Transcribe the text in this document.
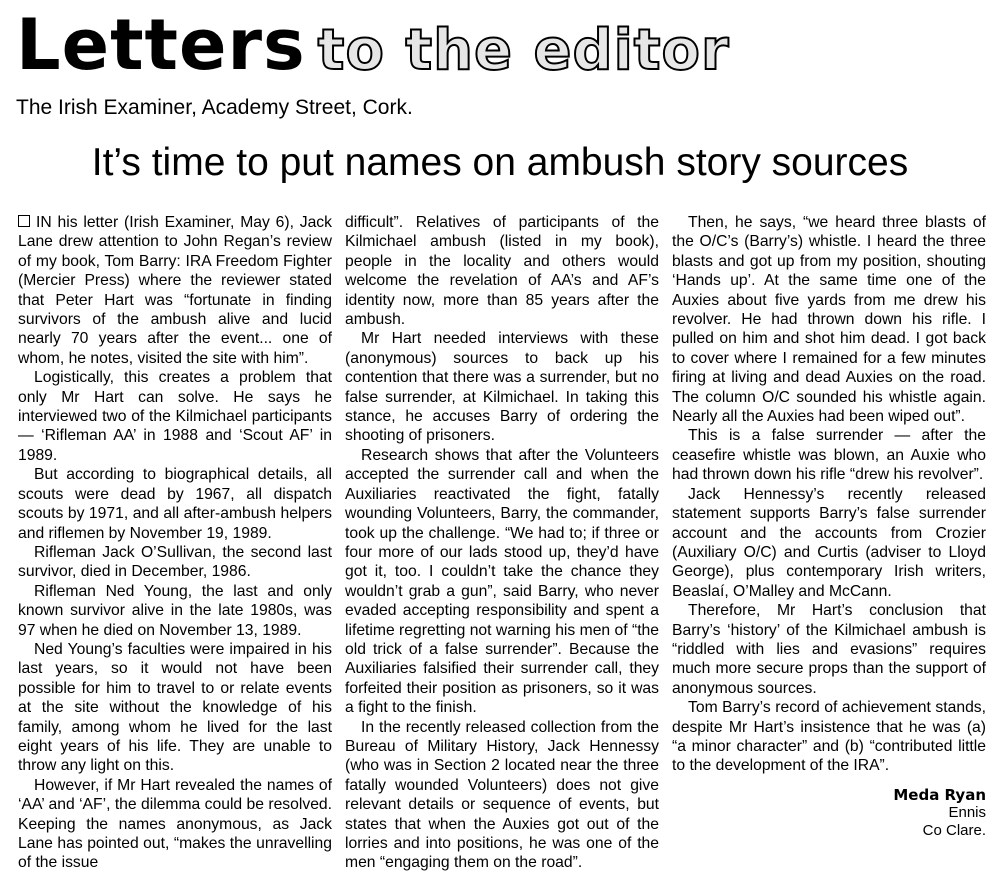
Letters to the editor
The Irish Examiner, Academy Street, Cork.
It’s time to put names on ambush story sources

IN his letter (Irish Examiner, May 6), Jack Lane drew attention to John Regan’s review of my book, Tom Barry: IRA Freedom Fighter (Mercier Press) where the reviewer stated that Peter Hart was “fortunate in finding survivors of the ambush alive and lucid nearly 70 years after the event... one of whom, he notes, visited the site with him”.

Logistically, this creates a problem that only Mr Hart can solve. He says he interviewed two of the Kilmichael participants — ‘Rifleman AA’ in 1988 and ‘Scout AF’ in 1989.

But according to biographical details, all scouts were dead by 1967, all dispatch scouts by 1971, and all after-ambush helpers and riflemen by November 19, 1989.

Rifleman Jack O’Sullivan, the second last survivor, died in December, 1986.

Rifleman Ned Young, the last and only known survivor alive in the late 1980s, was 97 when he died on November 13, 1989.

Ned Young’s faculties were impaired in his last years, so it would not have been possible for him to travel to or relate events at the site without the knowledge of his family, among whom he lived for the last eight years of his life. They are unable to throw any light on this.

However, if Mr Hart revealed the names of ‘AA’ and ‘AF’, the dilemma could be resolved. Keeping the names anonymous, as Jack Lane has pointed out, “makes the unravelling of the issue

difficult”. Relatives of participants of the Kilmichael ambush (listed in my book), people in the locality and others would welcome the revelation of AA’s and AF’s identity now, more than 85 years after the ambush.

Mr Hart needed interviews with these (anonymous) sources to back up his contention that there was a surrender, but no false surrender, at Kilmichael. In taking this stance, he accuses Barry of ordering the shooting of prisoners.

Research shows that after the Volunteers accepted the surrender call and when the Auxiliaries reactivated the fight, fatally wounding Volunteers, Barry, the commander, took up the challenge. “We had to; if three or four more of our lads stood up, they’d have got it, too. I couldn’t take the chance they wouldn’t grab a gun”, said Barry, who never evaded accepting responsibility and spent a lifetime regretting not warning his men of “the old trick of a false surrender”. Because the Auxiliaries falsified their surrender call, they forfeited their position as prisoners, so it was a fight to the finish.

In the recently released collection from the Bureau of Military History, Jack Hennessy (who was in Section 2 located near the three fatally wounded Volunteers) does not give relevant details or sequence of events, but states that when the Auxies got out of the lorries and into positions, he was one of the men “engaging them on the road”.

Then, he says, “we heard three blasts of the O/C’s (Barry’s) whistle. I heard the three blasts and got up from my position, shouting ‘Hands up’. At the same time one of the Auxies about five yards from me drew his revolver. He had thrown down his rifle. I pulled on him and shot him dead. I got back to cover where I remained for a few minutes firing at living and dead Auxies on the road. The column O/C sounded his whistle again. Nearly all the Auxies had been wiped out”.

This is a false surrender — after the ceasefire whistle was blown, an Auxie who had thrown down his rifle “drew his revolver”.

Jack Hennessy’s recently released statement supports Barry’s false surrender account and the accounts from Crozier (Auxiliary O/C) and Curtis (adviser to Lloyd George), plus contemporary Irish writers, Beaslaí, O’Malley and McCann.

Therefore, Mr Hart’s conclusion that Barry’s ‘history’ of the Kilmichael ambush is “riddled with lies and evasions” requires much more secure props than the support of anonymous sources.

Tom Barry’s record of achievement stands, despite Mr Hart’s insistence that he was (a) “a minor character” and (b) “contributed little to the development of the IRA”.

Meda Ryan
Ennis
Co Clare.
